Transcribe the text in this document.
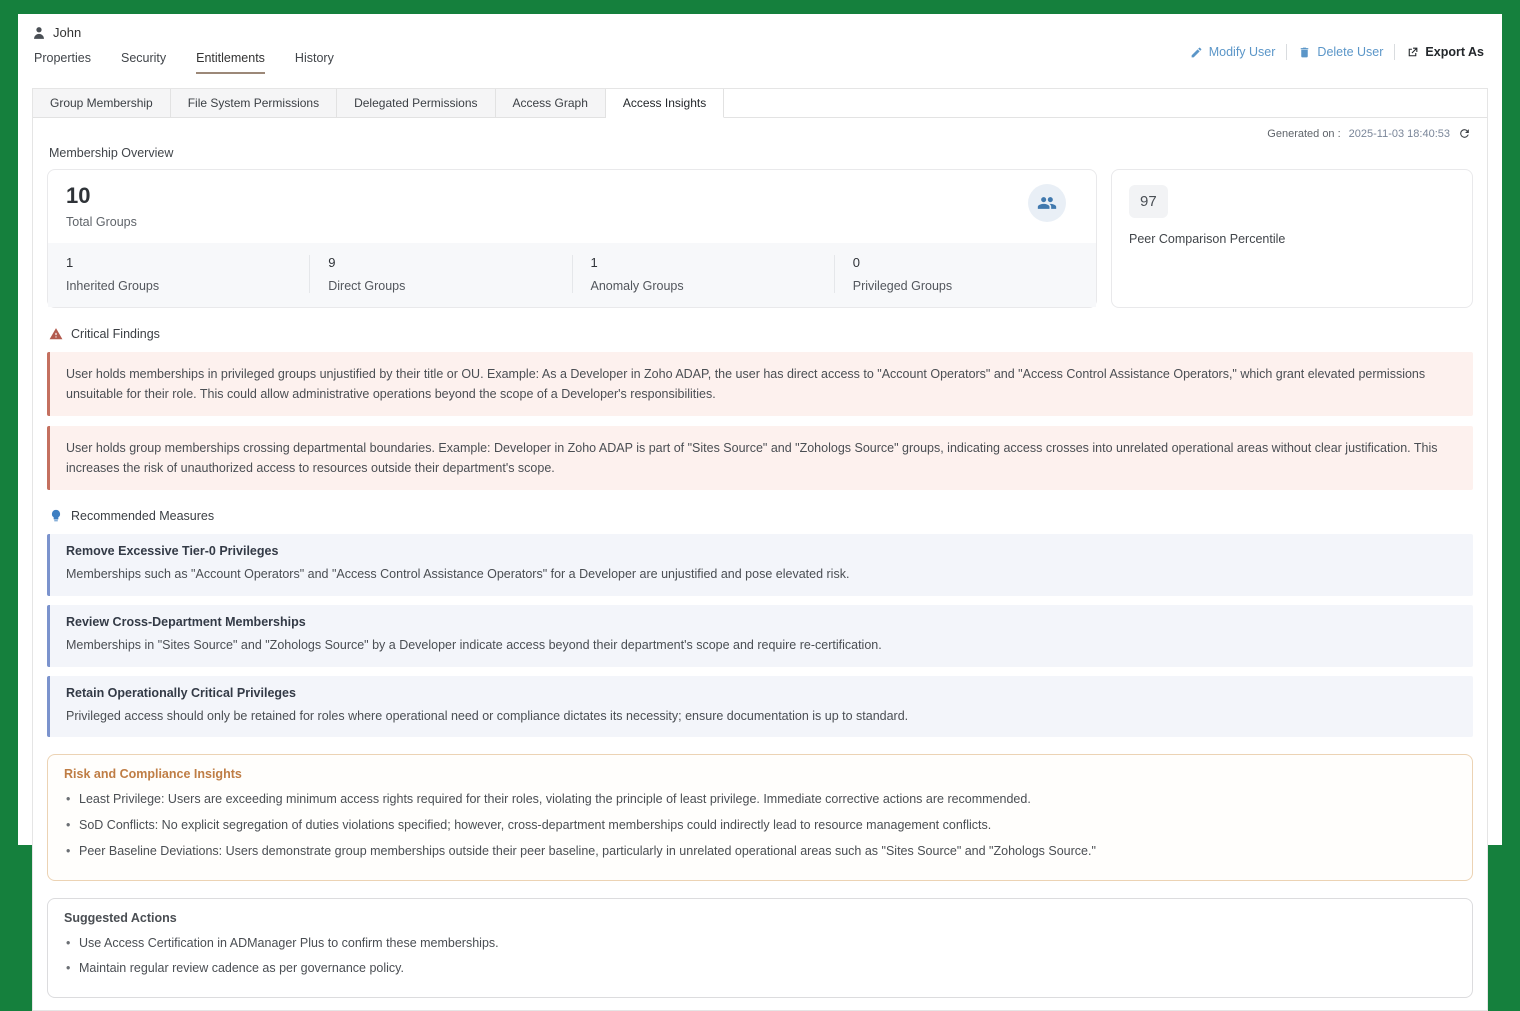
John
Properties Security Entitlements History	Modify User	Delete User	Export As
Group Membership	File System Permissions	Delegated Permissions	Access Graph	Access Insights
Generated on : 2025-11-03 18:40:53
Membership Overview
10
Total Groups
1
Inherited Groups
9
Direct Groups
1
Anomaly Groups
0
Privileged Groups
97
Peer Comparison Percentile
Critical Findings
User holds memberships in privileged groups unjustified by their title or OU. Example: As a Developer in Zoho ADAP, the user has direct access to "Account Operators" and "Access Control Assistance Operators," which grant elevated permissions unsuitable for their role. This could allow administrative operations beyond the scope of a Developer's responsibilities.
User holds group memberships crossing departmental boundaries. Example: Developer in Zoho ADAP is part of "Sites Source" and "Zohologs Source" groups, indicating access crosses into unrelated operational areas without clear justification. This increases the risk of unauthorized access to resources outside their department's scope.
Recommended Measures
Remove Excessive Tier-0 Privileges
Memberships such as "Account Operators" and "Access Control Assistance Operators" for a Developer are unjustified and pose elevated risk.
Review Cross-Department Memberships
Memberships in "Sites Source" and "Zohologs Source" by a Developer indicate access beyond their department's scope and require re-certification.
Retain Operationally Critical Privileges
Privileged access should only be retained for roles where operational need or compliance dictates its necessity; ensure documentation is up to standard.
Risk and Compliance Insights
• Least Privilege: Users are exceeding minimum access rights required for their roles, violating the principle of least privilege. Immediate corrective actions are recommended.
• SoD Conflicts: No explicit segregation of duties violations specified; however, cross-department memberships could indirectly lead to resource management conflicts.
• Peer Baseline Deviations: Users demonstrate group memberships outside their peer baseline, particularly in unrelated operational areas such as "Sites Source" and "Zohologs Source."
Suggested Actions
• Use Access Certification in ADManager Plus to confirm these memberships.
• Maintain regular review cadence as per governance policy.
